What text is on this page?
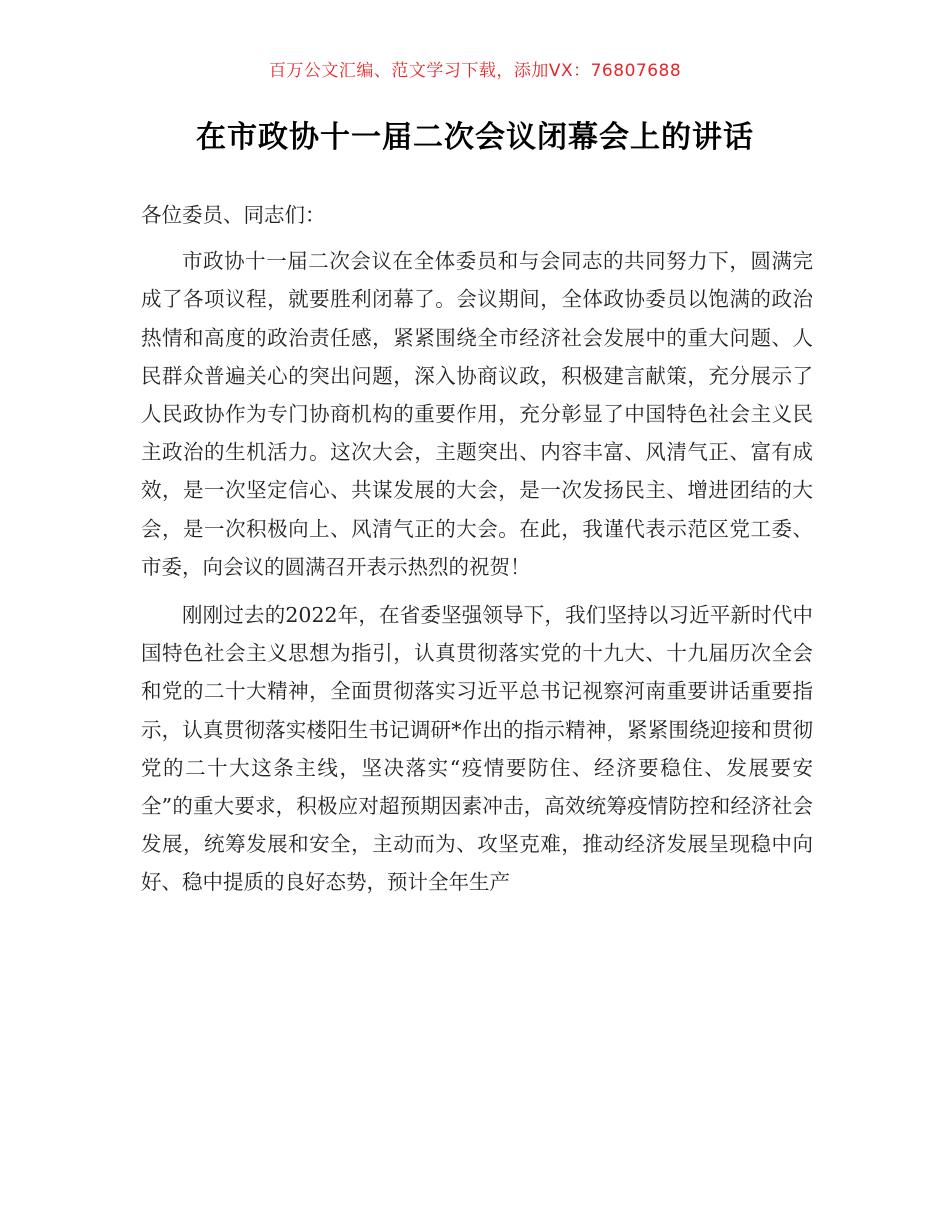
百万公文汇编、范文学习下载，添加VX：76807688
在市政协十一届二次会议闭幕会上的讲话

各位委员、同志们：

市政协十一届二次会议在全体委员和与会同志的共同努力下，圆满完成了各项议程，就要胜利闭幕了。会议期间，全体政协委员以饱满的政治热情和高度的政治责任感，紧紧围绕全市经济社会发展中的重大问题、人民群众普遍关心的突出问题，深入协商议政，积极建言献策，充分展示了人民政协作为专门协商机构的重要作用，充分彰显了中国特色社会主义民主政治的生机活力。这次大会，主题突出、内容丰富、风清气正、富有成效，是一次坚定信心、共谋发展的大会，是一次发扬民主、增进团结的大会，是一次积极向上、风清气正的大会。在此，我谨代表示范区党工委、市委，向会议的圆满召开表示热烈的祝贺！

刚刚过去的2022年，在省委坚强领导下，我们坚持以习近平新时代中国特色社会主义思想为指引，认真贯彻落实党的十九大、十九届历次全会和党的二十大精神，全面贯彻落实习近平总书记视察河南重要讲话重要指示，认真贯彻落实楼阳生书记调研*作出的指示精神，紧紧围绕迎接和贯彻党的二十大这条主线，坚决落实“疫情要防住、经济要稳住、发展要安全”的重大要求，积极应对超预期因素冲击，高效统筹疫情防控和经济社会发展，统筹发展和安全，主动而为、攻坚克难，推动经济发展呈现稳中向好、稳中提质的良好态势，预计全年生产
